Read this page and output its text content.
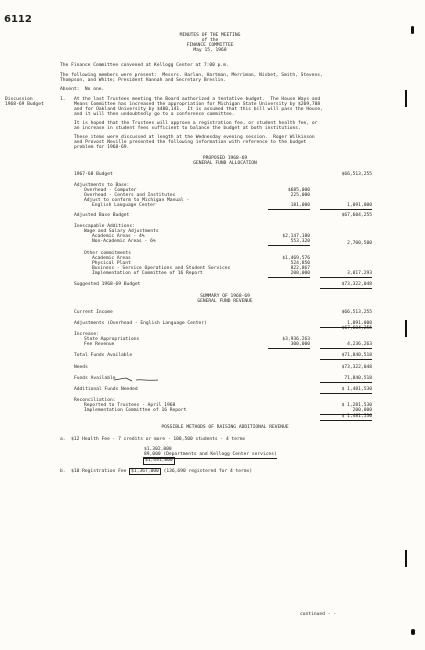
6112
MINUTES OF THE MEETING
of the
FINANCE COMMITTEE
May 15, 1968
The Finance Committee convened at Kellogg Center at 7:00 p.m.
The following members were present:  Messrs. Harlan, Hartman, Merriman, Nisbet, Smith, Stevens,
Thompson, and White; President Hannah and Secretary Breslin.
Absent:  No one.
Discussion
1968-69 Budget
1. At the last Trustees meeting the Board authorized a tentative budget.  The House Ways and
Means Committee has increased the appropriation for Michigan State University by $209,788
and for Oakland University by $480,141.  It is assumed that this bill will pass the House,
and it will then undoubtedly go to a conference committee.
It is hoped that the Trustees will approve a registration fee, or student health fee, or
an increase in student fees sufficient to balance the budget at both institutions.
These items were discussed at length at the Wednesday evening session.  Roger Wilkinson
and Provost Neville presented the following information with reference to the budget
problem for 1968-69.
PROPOSED 1968-69
GENERAL FUND ALLOCATION
1967-68 Budget	$66,513,255
Adjustments to Base:
Overhead - Computer	$685,000
Overhead - Centers and Institutes	225,000
Adjust to conform to Michigan Manual -
English Language Center	181,000	1,091,000
Adjusted Base Budget	$67,604,255
Inescapable Additions:
Wage and Salary Adjustments
Academic Areas - 4%	$2,147,180
Non-Academic Areas - 6%	553,320	2,700,500
Other commitments
Academic Areas	$1,469,576
Physical Plant	524,850
Business - Service Operations and Student Services	822,867
Implementation of Committee of 16 Report	200,000	3,017,293
Suggested 1968-69 Budget	$73,322,048
SUMMARY OF 1968-69
GENERAL FUND REVENUE
Current Income	$66,513,255
Adjustments (Overhead - English Language Center)	1,091,000
$67,604,255
Increase:
State Appropriations	$3,936,263
Fee Revenue	300,000	4,236,263
Total Funds Available	$71,840,518
Needs	$73,322,048
Funds Available	71,840,518
Additional Funds Needed	$ 1,481,530
Reconciliation:
Reported to Trustees - April 1968	$ 1,281,530
Implementation Committee of 16 Report	200,000
$ 1,481,530
POSSIBLE METHODS OF RAISING ADDITIONAL REVENUE
a.  $12 Health Fee · 7 credits or more · 108,500 students · 4 terms
$1,302,000
89,000 (Departments and Kellogg Center services)
$1,491,000
b.  $10 Registration Fee $1,367,000 (136,690 registered for 4 terms)
continued - -
